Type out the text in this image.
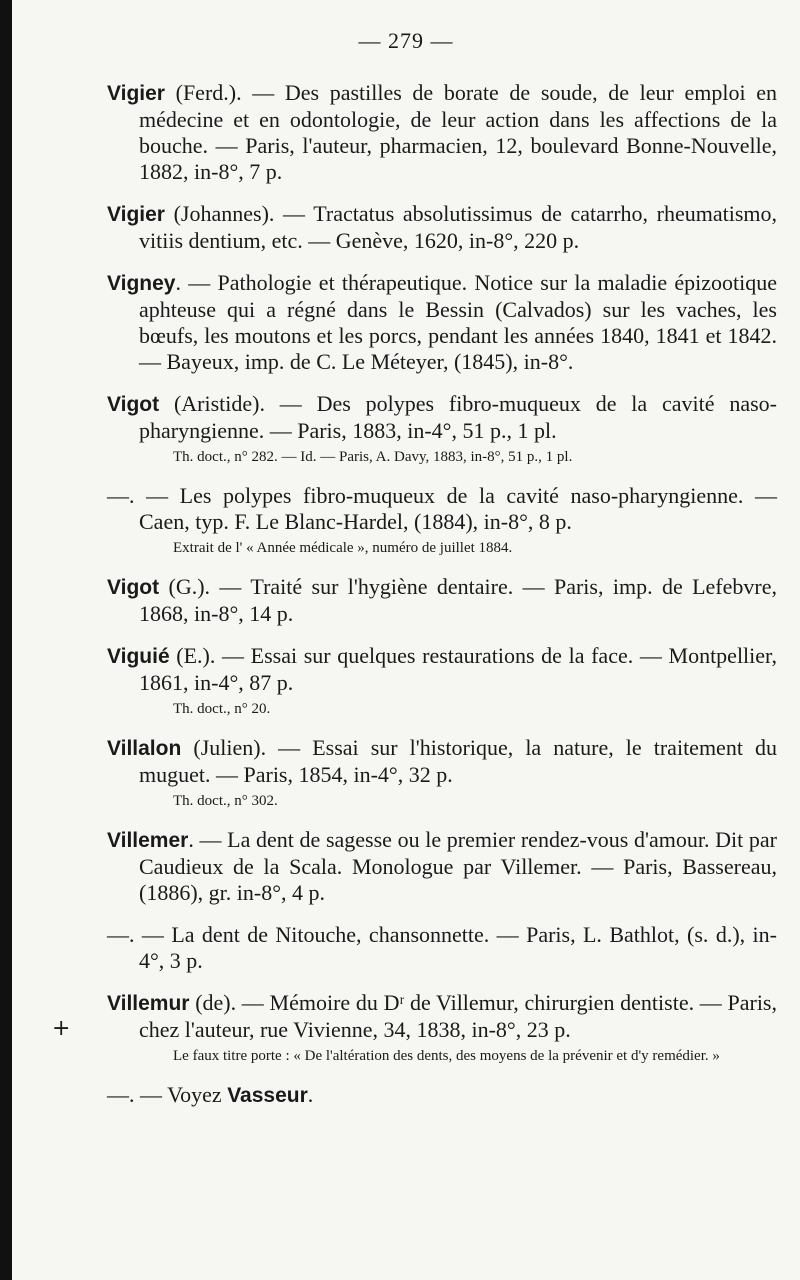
— 279 —
+
Vigier (Ferd.). — Des pastilles de borate de soude, de leur emploi en médecine et en odontologie, de leur action dans les affections de la bouche. — Paris, l'auteur, pharmacien, 12, boulevard Bonne-Nouvelle, 1882, in-8°, 7 p.
Vigier (Johannes). — Tractatus absolutissimus de catarrho, rheumatismo, vitiis dentium, etc. — Genève, 1620, in-8°, 220 p.
Vigney. — Pathologie et thérapeutique. Notice sur la maladie épizootique aphteuse qui a régné dans le Bessin (Calvados) sur les vaches, les bœufs, les moutons et les porcs, pendant les années 1840, 1841 et 1842. — Bayeux, imp. de C. Le Méteyer, (1845), in-8°.
Vigot (Aristide). — Des polypes fibro-muqueux de la cavité naso-pharyngienne. — Paris, 1883, in-4°, 51 p., 1 pl.
Th. doct., n° 282. — Id. — Paris, A. Davy, 1883, in-8°, 51 p., 1 pl.
—. — Les polypes fibro-muqueux de la cavité naso-pharyngienne. — Caen, typ. F. Le Blanc-Hardel, (1884), in-8°, 8 p.
Extrait de l' « Année médicale », numéro de juillet 1884.
Vigot (G.). — Traité sur l'hygiène dentaire. — Paris, imp. de Lefebvre, 1868, in-8°, 14 p.
Viguié (E.). — Essai sur quelques restaurations de la face. — Montpellier, 1861, in-4°, 87 p.
Th. doct., n° 20.
Villalon (Julien). — Essai sur l'historique, la nature, le traitement du muguet. — Paris, 1854, in-4°, 32 p.
Th. doct., n° 302.
Villemer. — La dent de sagesse ou le premier rendez-vous d'amour. Dit par Caudieux de la Scala. Monologue par Villemer. — Paris, Bassereau, (1886), gr. in-8°, 4 p.
—. — La dent de Nitouche, chansonnette. — Paris, L. Bathlot, (s. d.), in-4°, 3 p.
Villemur (de). — Mémoire du Dʳ de Villemur, chirurgien dentiste. — Paris, chez l'auteur, rue Vivienne, 34, 1838, in-8°, 23 p.
Le faux titre porte : « De l'altération des dents, des moyens de la prévenir et d'y remédier. »
—. — Voyez Vasseur.
